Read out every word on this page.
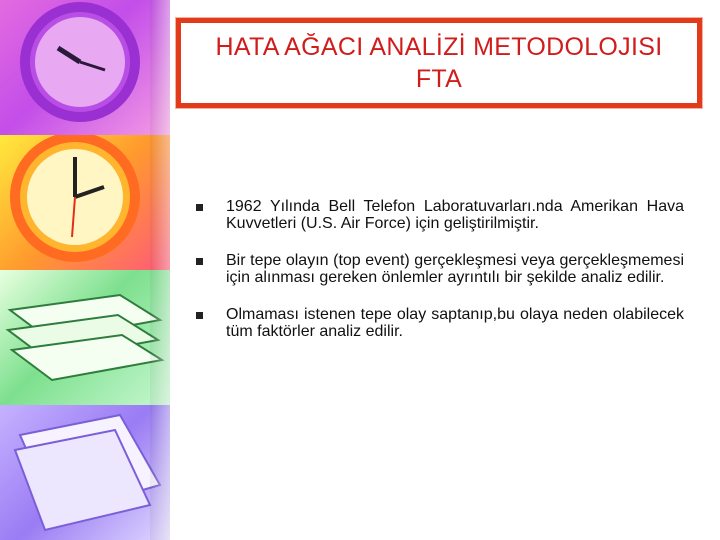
HATA AĞACI ANALİZİ METODOLOJISI
FTA
1962 Yılında Bell Telefon Laboratuvarları.nda Amerikan Hava Kuvvetleri (U.S. Air Force) için geliştirilmiştir.
Bir tepe olayın (top event) gerçekleşmesi veya gerçekleşmemesi için alınması gereken önlemler ayrıntılı bir şekilde analiz edilir.
Olmaması istenen tepe olay saptanıp,bu olaya neden olabilecek tüm faktörler analiz edilir.
